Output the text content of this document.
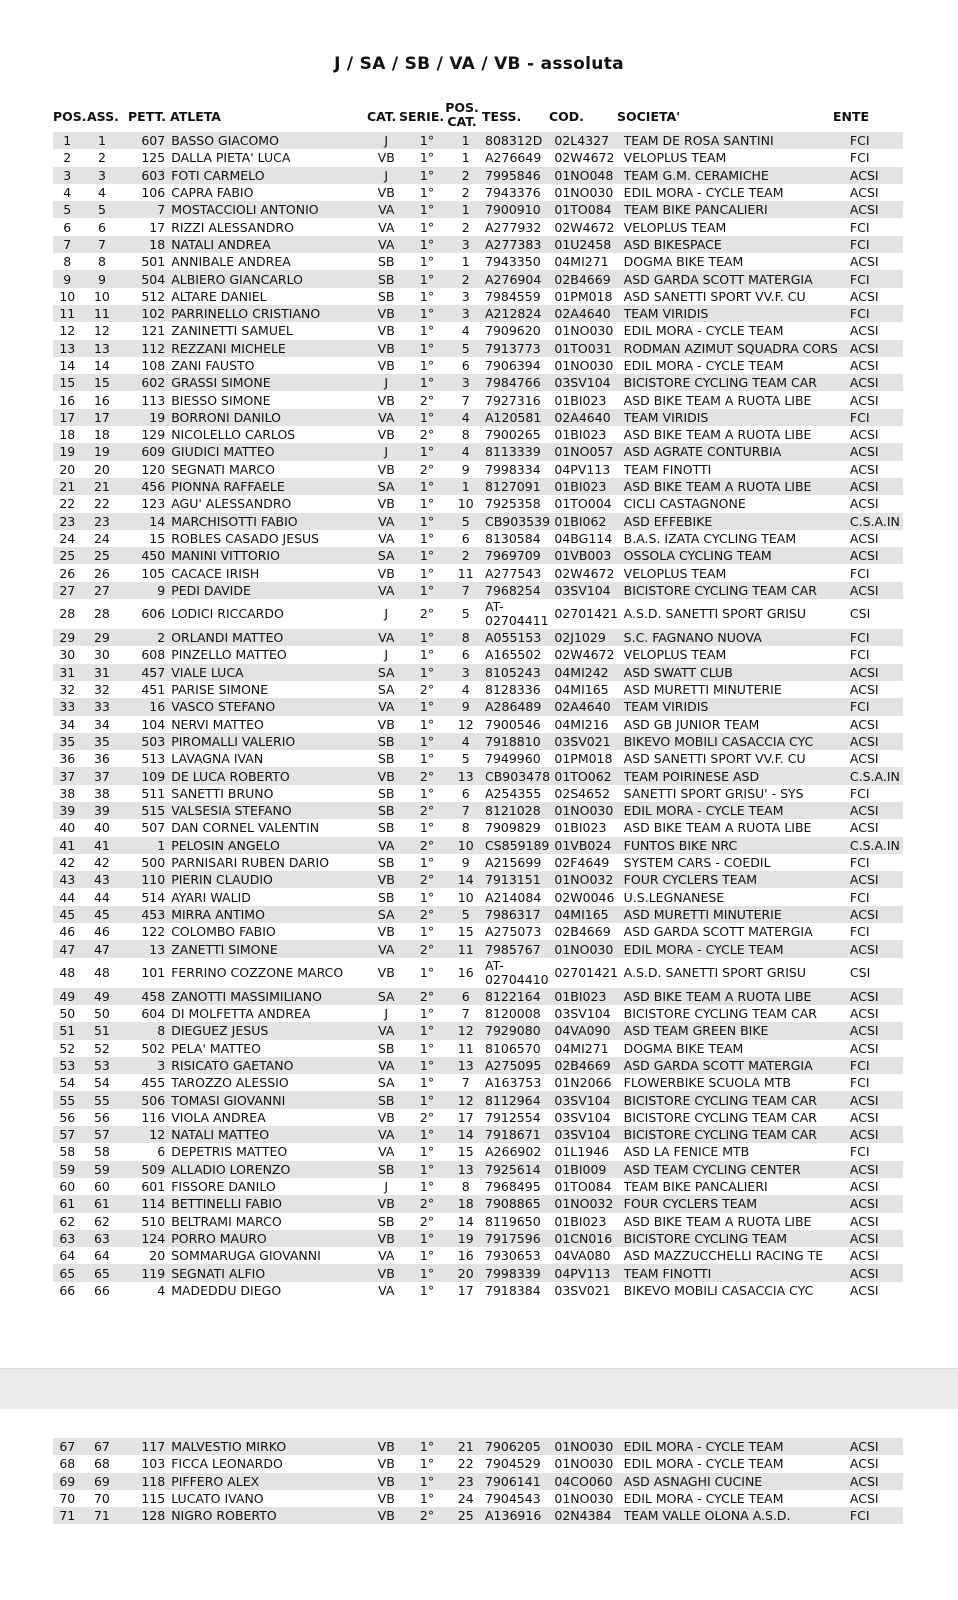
J / SA / SB / VA / VB - assoluta
POS. ASS. PETT. ATLETA	CAT. SERIE.
POS. CAT. TESS. COD.	SOCIETA'	ENTE
1	1	607	BASSO GIACOMO	J	1°	1	808312D	02L4327	TEAM DE ROSA SANTINI	FCI
2	2	125	DALLA PIETA' LUCA	VB	1°	1	A276649	02W4672	VELOPLUS TEAM	FCI
3	3	603	FOTI CARMELO	J	1°	2	7995846	01NO048	TEAM G.M. CERAMICHE	ACSI
4	4	106	CAPRA FABIO	VB	1°	2	7943376	01NO030	EDIL MORA - CYCLE TEAM	ACSI
5	5	7	MOSTACCIOLI ANTONIO	VA	1°	1	7900910	01TO084	TEAM BIKE PANCALIERI	ACSI
6	6	17	RIZZI ALESSANDRO	VA	1°	2	A277932	02W4672	VELOPLUS TEAM	FCI
7	7	18	NATALI ANDREA	VA	1°	3	A277383	01U2458	ASD BIKESPACE	FCI
8	8	501	ANNIBALE ANDREA	SB	1°	1	7943350	04MI271	DOGMA BIKE TEAM	ACSI
9	9	504	ALBIERO GIANCARLO	SB	1°	2	A276904	02B4669	ASD GARDA SCOTT MATERGIA	FCI
10	10	512	ALTARE DANIEL	SB	1°	3	7984559	01PM018	ASD SANETTI SPORT VV.F. CU	ACSI
11	11	102	PARRINELLO CRISTIANO	VB	1°	3	A212824	02A4640	TEAM VIRIDIS	FCI
12	12	121	ZANINETTI SAMUEL	VB	1°	4	7909620	01NO030	EDIL MORA - CYCLE TEAM	ACSI
13	13	112	REZZANI MICHELE	VB	1°	5	7913773	01TO031	RODMAN AZIMUT SQUADRA CORS	ACSI
14	14	108	ZANI FAUSTO	VB	1°	6	7906394	01NO030	EDIL MORA - CYCLE TEAM	ACSI
15	15	602	GRASSI SIMONE	J	1°	3	7984766	03SV104	BICISTORE CYCLING TEAM CAR	ACSI
16	16	113	BIESSO SIMONE	VB	2°	7	7927316	01BI023	ASD BIKE TEAM A RUOTA LIBE	ACSI
17	17	19	BORRONI DANILO	VA	1°	4	A120581	02A4640	TEAM VIRIDIS	FCI
18	18	129	NICOLELLO CARLOS	VB	2°	8	7900265	01BI023	ASD BIKE TEAM A RUOTA LIBE	ACSI
19	19	609	GIUDICI MATTEO	J	1°	4	8113339	01NO057	ASD AGRATE CONTURBIA	ACSI
20	20	120	SEGNATI MARCO	VB	2°	9	7998334	04PV113	TEAM FINOTTI	ACSI
21	21	456	PIONNA RAFFAELE	SA	1°	1	8127091	01BI023	ASD BIKE TEAM A RUOTA LIBE	ACSI
22	22	123	AGU' ALESSANDRO	VB	1°	10	7925358	01TO004	CICLI CASTAGNONE	ACSI
23	23	14	MARCHISOTTI FABIO	VA	1°	5	CB903539	01BI062	ASD EFFEBIKE	C.S.A.IN
24	24	15	ROBLES CASADO JESUS	VA	1°	6	8130584	04BG114	B.A.S. IZATA CYCLING TEAM	ACSI
25	25	450	MANINI VITTORIO	SA	1°	2	7969709	01VB003	OSSOLA CYCLING TEAM	ACSI
26	26	105	CACACE IRISH	VB	1°	11	A277543	02W4672	VELOPLUS TEAM	FCI
27	27	9	PEDI DAVIDE	VA	1°	7	7968254	03SV104	BICISTORE CYCLING TEAM CAR	ACSI
28	28	606	LODICI RICCARDO	J	2°	5	AT-
02704411	02701421	A.S.D. SANETTI SPORT GRISU	CSI
29	29	2	ORLANDI MATTEO	VA	1°	8	A055153	02J1029	S.C. FAGNANO NUOVA	FCI
30	30	608	PINZELLO MATTEO	J	1°	6	A165502	02W4672	VELOPLUS TEAM	FCI
31	31	457	VIALE LUCA	SA	1°	3	8105243	04MI242	ASD SWATT CLUB	ACSI
32	32	451	PARISE SIMONE	SA	2°	4	8128336	04MI165	ASD MURETTI MINUTERIE	ACSI
33	33	16	VASCO STEFANO	VA	1°	9	A286489	02A4640	TEAM VIRIDIS	FCI
34	34	104	NERVI MATTEO	VB	1°	12	7900546	04MI216	ASD GB JUNIOR TEAM	ACSI
35	35	503	PIROMALLI VALERIO	SB	1°	4	7918810	03SV021	BIKEVO MOBILI CASACCIA CYC	ACSI
36	36	513	LAVAGNA IVAN	SB	1°	5	7949960	01PM018	ASD SANETTI SPORT VV.F. CU	ACSI
37	37	109	DE LUCA ROBERTO	VB	2°	13	CB903478	01TO062	TEAM POIRINESE ASD	C.S.A.IN
38	38	511	SANETTI BRUNO	SB	1°	6	A254355	02S4652	SANETTI SPORT GRISU' - SYS	FCI
39	39	515	VALSESIA STEFANO	SB	2°	7	8121028	01NO030	EDIL MORA - CYCLE TEAM	ACSI
40	40	507	DAN CORNEL VALENTIN	SB	1°	8	7909829	01BI023	ASD BIKE TEAM A RUOTA LIBE	ACSI
41	41	1	PELOSIN ANGELO	VA	2°	10	CS859189	01VB024	FUNTOS BIKE NRC	C.S.A.IN
42	42	500	PARNISARI RUBEN DARIO	SB	1°	9	A215699	02F4649	SYSTEM CARS - COEDIL	FCI
43	43	110	PIERIN CLAUDIO	VB	2°	14	7913151	01NO032	FOUR CYCLERS TEAM	ACSI
44	44	514	AYARI WALID	SB	1°	10	A214084	02W0046	U.S.LEGNANESE	FCI
45	45	453	MIRRA ANTIMO	SA	2°	5	7986317	04MI165	ASD MURETTI MINUTERIE	ACSI
46	46	122	COLOMBO FABIO	VB	1°	15	A275073	02B4669	ASD GARDA SCOTT MATERGIA	FCI
47	47	13	ZANETTI SIMONE	VA	2°	11	7985767	01NO030	EDIL MORA - CYCLE TEAM	ACSI
48	48	101	FERRINO COZZONE MARCO	VB	1°	16	AT-
02704410	02701421	A.S.D. SANETTI SPORT GRISU	CSI
49	49	458	ZANOTTI MASSIMILIANO	SA	2°	6	8122164	01BI023	ASD BIKE TEAM A RUOTA LIBE	ACSI
50	50	604	DI MOLFETTA ANDREA	J	1°	7	8120008	03SV104	BICISTORE CYCLING TEAM CAR	ACSI
51	51	8	DIEGUEZ JESUS	VA	1°	12	7929080	04VA090	ASD TEAM GREEN BIKE	ACSI
52	52	502	PELA' MATTEO	SB	1°	11	8106570	04MI271	DOGMA BIKE TEAM	ACSI
53	53	3	RISICATO GAETANO	VA	1°	13	A275095	02B4669	ASD GARDA SCOTT MATERGIA	FCI
54	54	455	TAROZZO ALESSIO	SA	1°	7	A163753	01N2066	FLOWERBIKE SCUOLA MTB	FCI
55	55	506	TOMASI GIOVANNI	SB	1°	12	8112964	03SV104	BICISTORE CYCLING TEAM CAR	ACSI
56	56	116	VIOLA ANDREA	VB	2°	17	7912554	03SV104	BICISTORE CYCLING TEAM CAR	ACSI
57	57	12	NATALI MATTEO	VA	1°	14	7918671	03SV104	BICISTORE CYCLING TEAM CAR	ACSI
58	58	6	DEPETRIS MATTEO	VA	1°	15	A266902	01L1946	ASD LA FENICE MTB	FCI
59	59	509	ALLADIO LORENZO	SB	1°	13	7925614	01BI009	ASD TEAM CYCLING CENTER	ACSI
60	60	601	FISSORE DANILO	J	1°	8	7968495	01TO084	TEAM BIKE PANCALIERI	ACSI
61	61	114	BETTINELLI FABIO	VB	2°	18	7908865	01NO032	FOUR CYCLERS TEAM	ACSI
62	62	510	BELTRAMI MARCO	SB	2°	14	8119650	01BI023	ASD BIKE TEAM A RUOTA LIBE	ACSI
63	63	124	PORRO MAURO	VB	1°	19	7917596	01CN016	BICISTORE CYCLING TEAM	ACSI
64	64	20	SOMMARUGA GIOVANNI	VA	1°	16	7930653	04VA080	ASD MAZZUCCHELLI RACING TE	ACSI
65	65	119	SEGNATI ALFIO	VB	1°	20	7998339	04PV113	TEAM FINOTTI	ACSI
66	66	4	MADEDDU DIEGO	VA	1°	17	7918384	03SV021	BIKEVO MOBILI CASACCIA CYC	ACSI
67	67	117	MALVESTIO MIRKO	VB	1°	21	7906205	01NO030	EDIL MORA - CYCLE TEAM	ACSI
68	68	103	FICCA LEONARDO	VB	1°	22	7904529	01NO030	EDIL MORA - CYCLE TEAM	ACSI
69	69	118	PIFFERO ALEX	VB	1°	23	7906141	04CO060	ASD ASNAGHI CUCINE	ACSI
70	70	115	LUCATO IVANO	VB	1°	24	7904543	01NO030	EDIL MORA - CYCLE TEAM	ACSI
71	71	128	NIGRO ROBERTO	VB	2°	25	A136916	02N4384	TEAM VALLE OLONA A.S.D.	FCI
